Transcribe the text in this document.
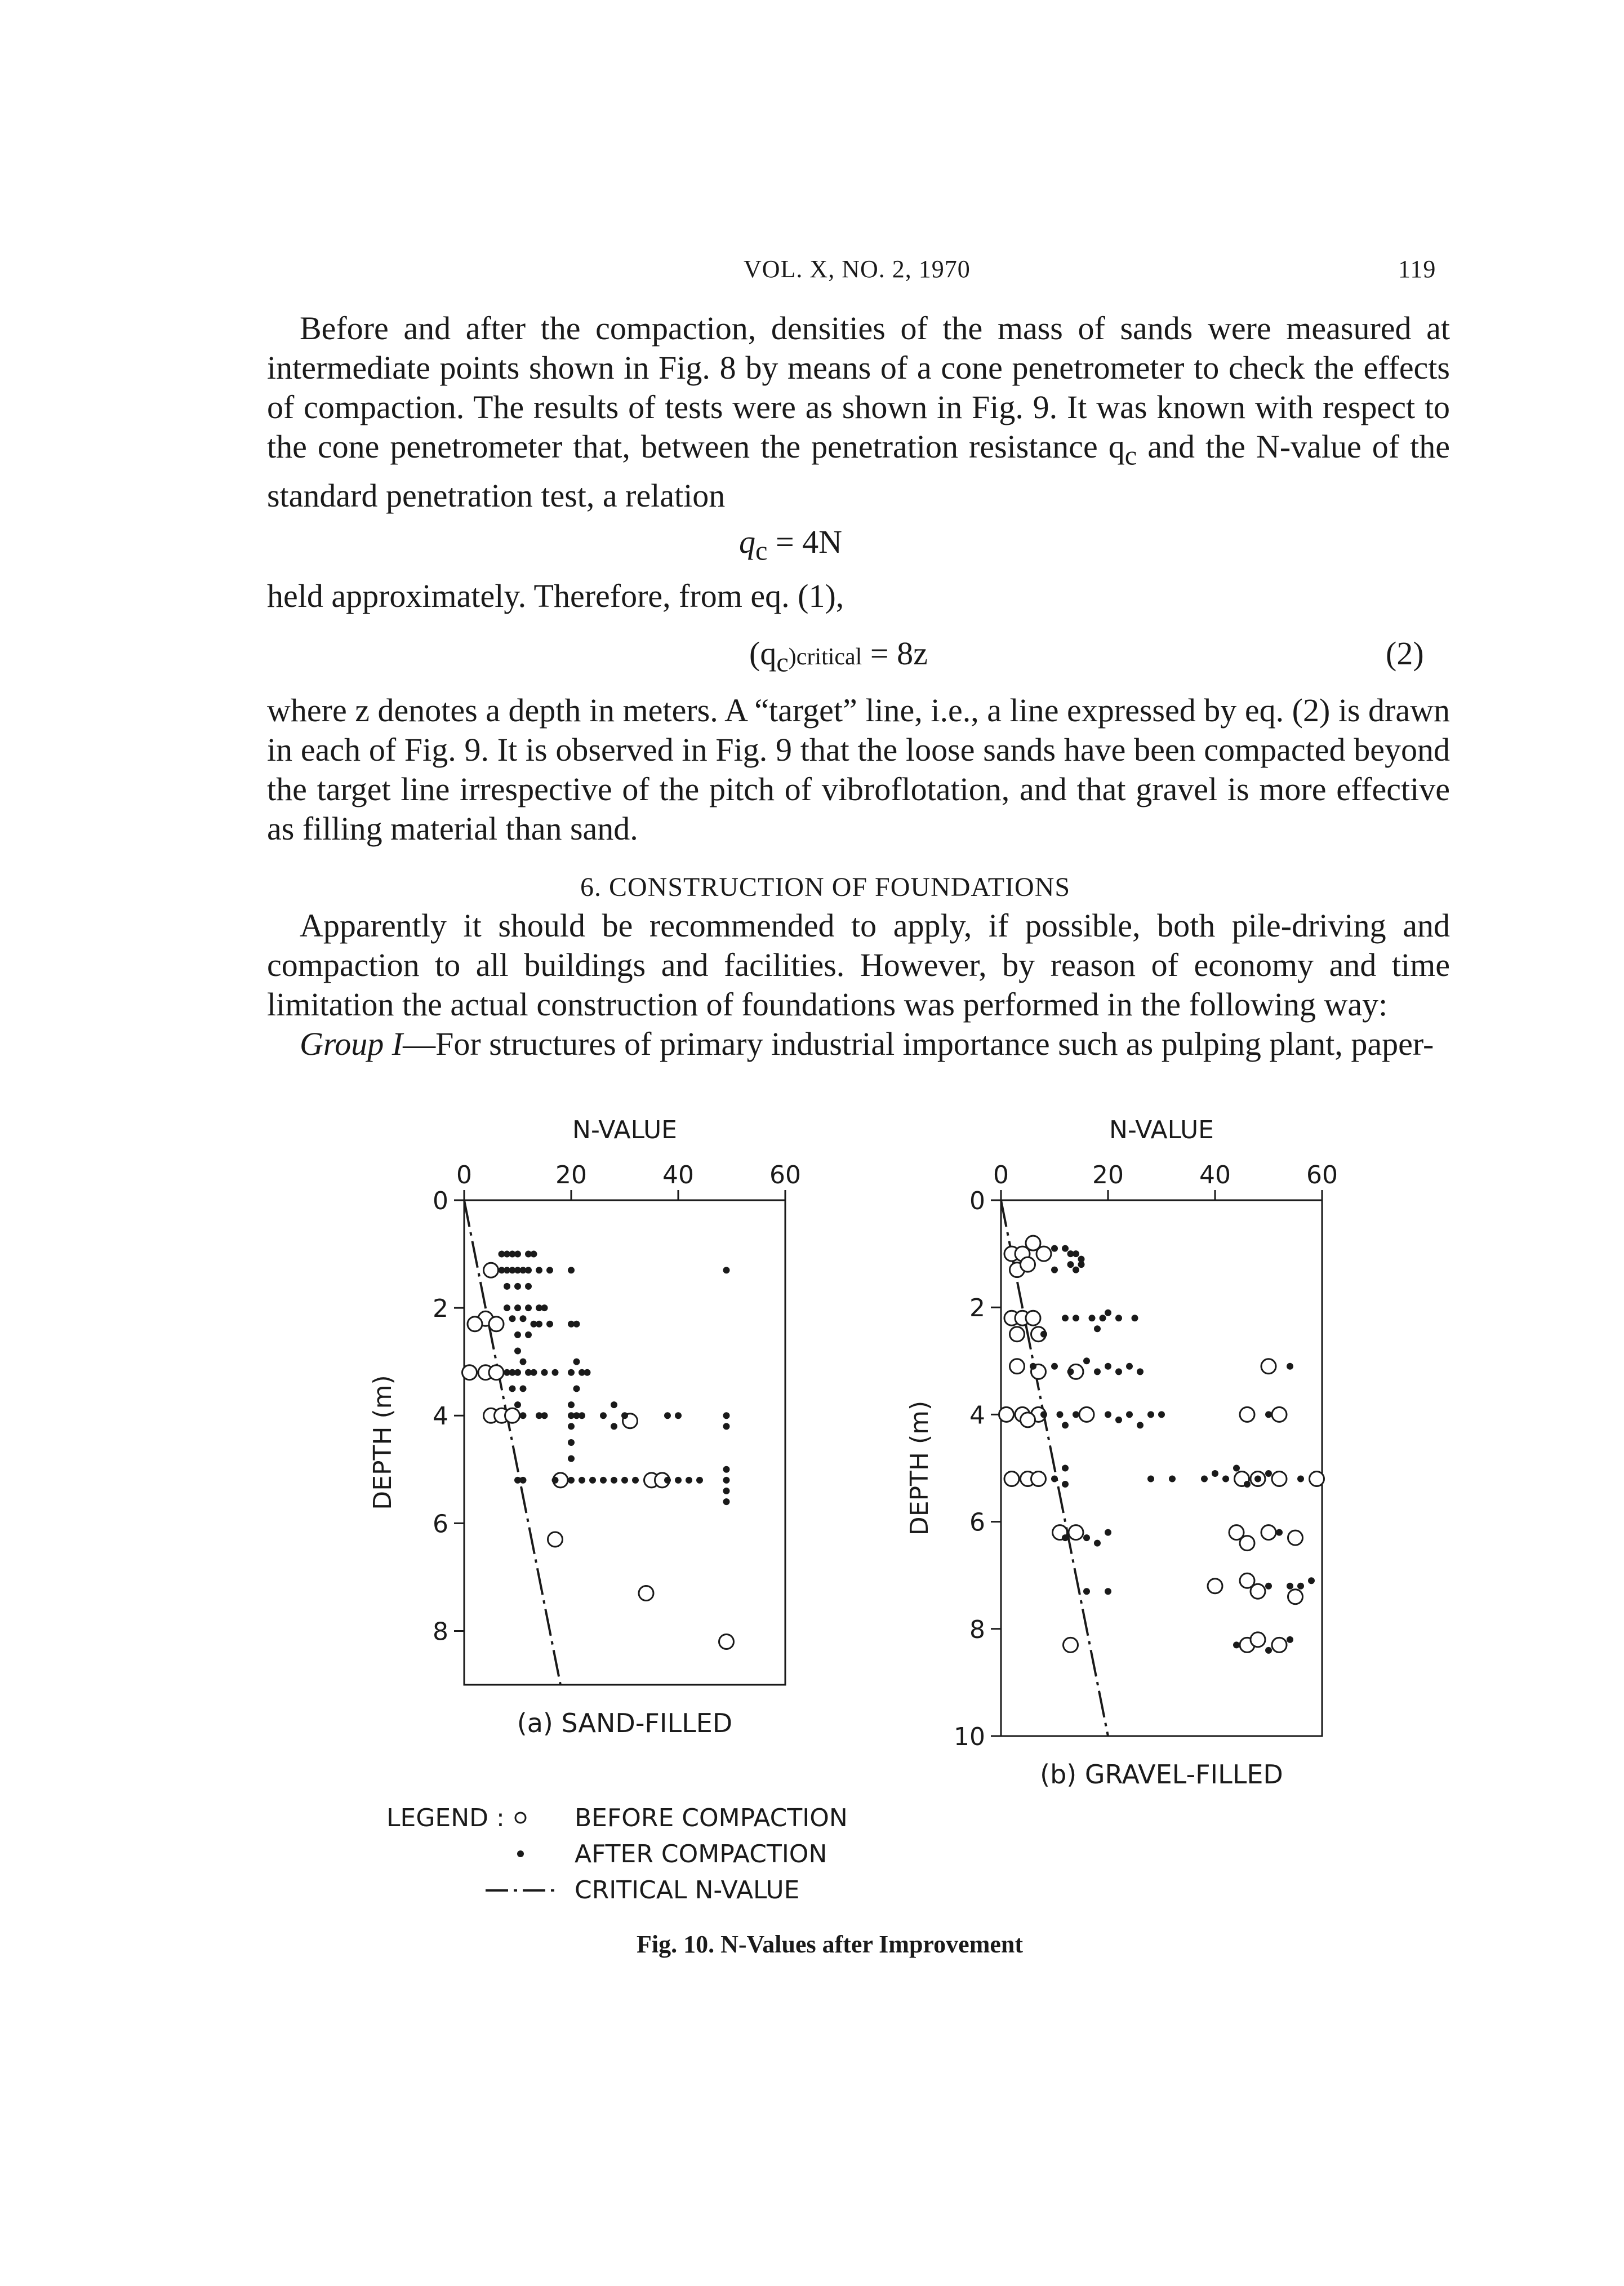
VOL. X, NO. 2, 1970	119

Before and after the compaction, densities of the mass of sands were measured at intermediate points shown in Fig. 8 by means of a cone penetrometer to check the effects of compaction. The results of tests were as shown in Fig. 9. It was known with respect to the cone penetrometer that, between the penetration resistance $q_c$ and the N-value of the standard penetration test, a relation

$q_c = 4N$

held approximately. Therefore, from eq. (1),

$(q_c)critical = 8z$	(2)

where z denotes a depth in meters. A “target” line, i.e., a line expressed by eq. (2) is drawn in each of Fig. 9. It is observed in Fig. 9 that the loose sands have been compacted beyond the target line irrespective of the pitch of vibroflotation, and that gravel is more effective as filling material than sand.

6. CONSTRUCTION OF FOUNDATIONS

Apparently it should be recommended to apply, if possible, both pile-driving and compaction to all buildings and facilities. However, by reason of economy and time limitation the actual construction of foundations was performed in the following way:

Group I—For structures of primary industrial importance such as pulping plant, paper-

N-VALUE
0	20	40	60
0
2
4
6
8
DEPTH (m)
(a) SAND-FILLED
N-VALUE
0	20	40	60
0
2
4
6
8
10
DEPTH (m)
(b) GRAVEL-FILLED
LEGEND :	BEFORE COMPACTION
AFTER COMPACTION
CRITICAL N-VALUE
Fig. 10. N-Values after Improvement
